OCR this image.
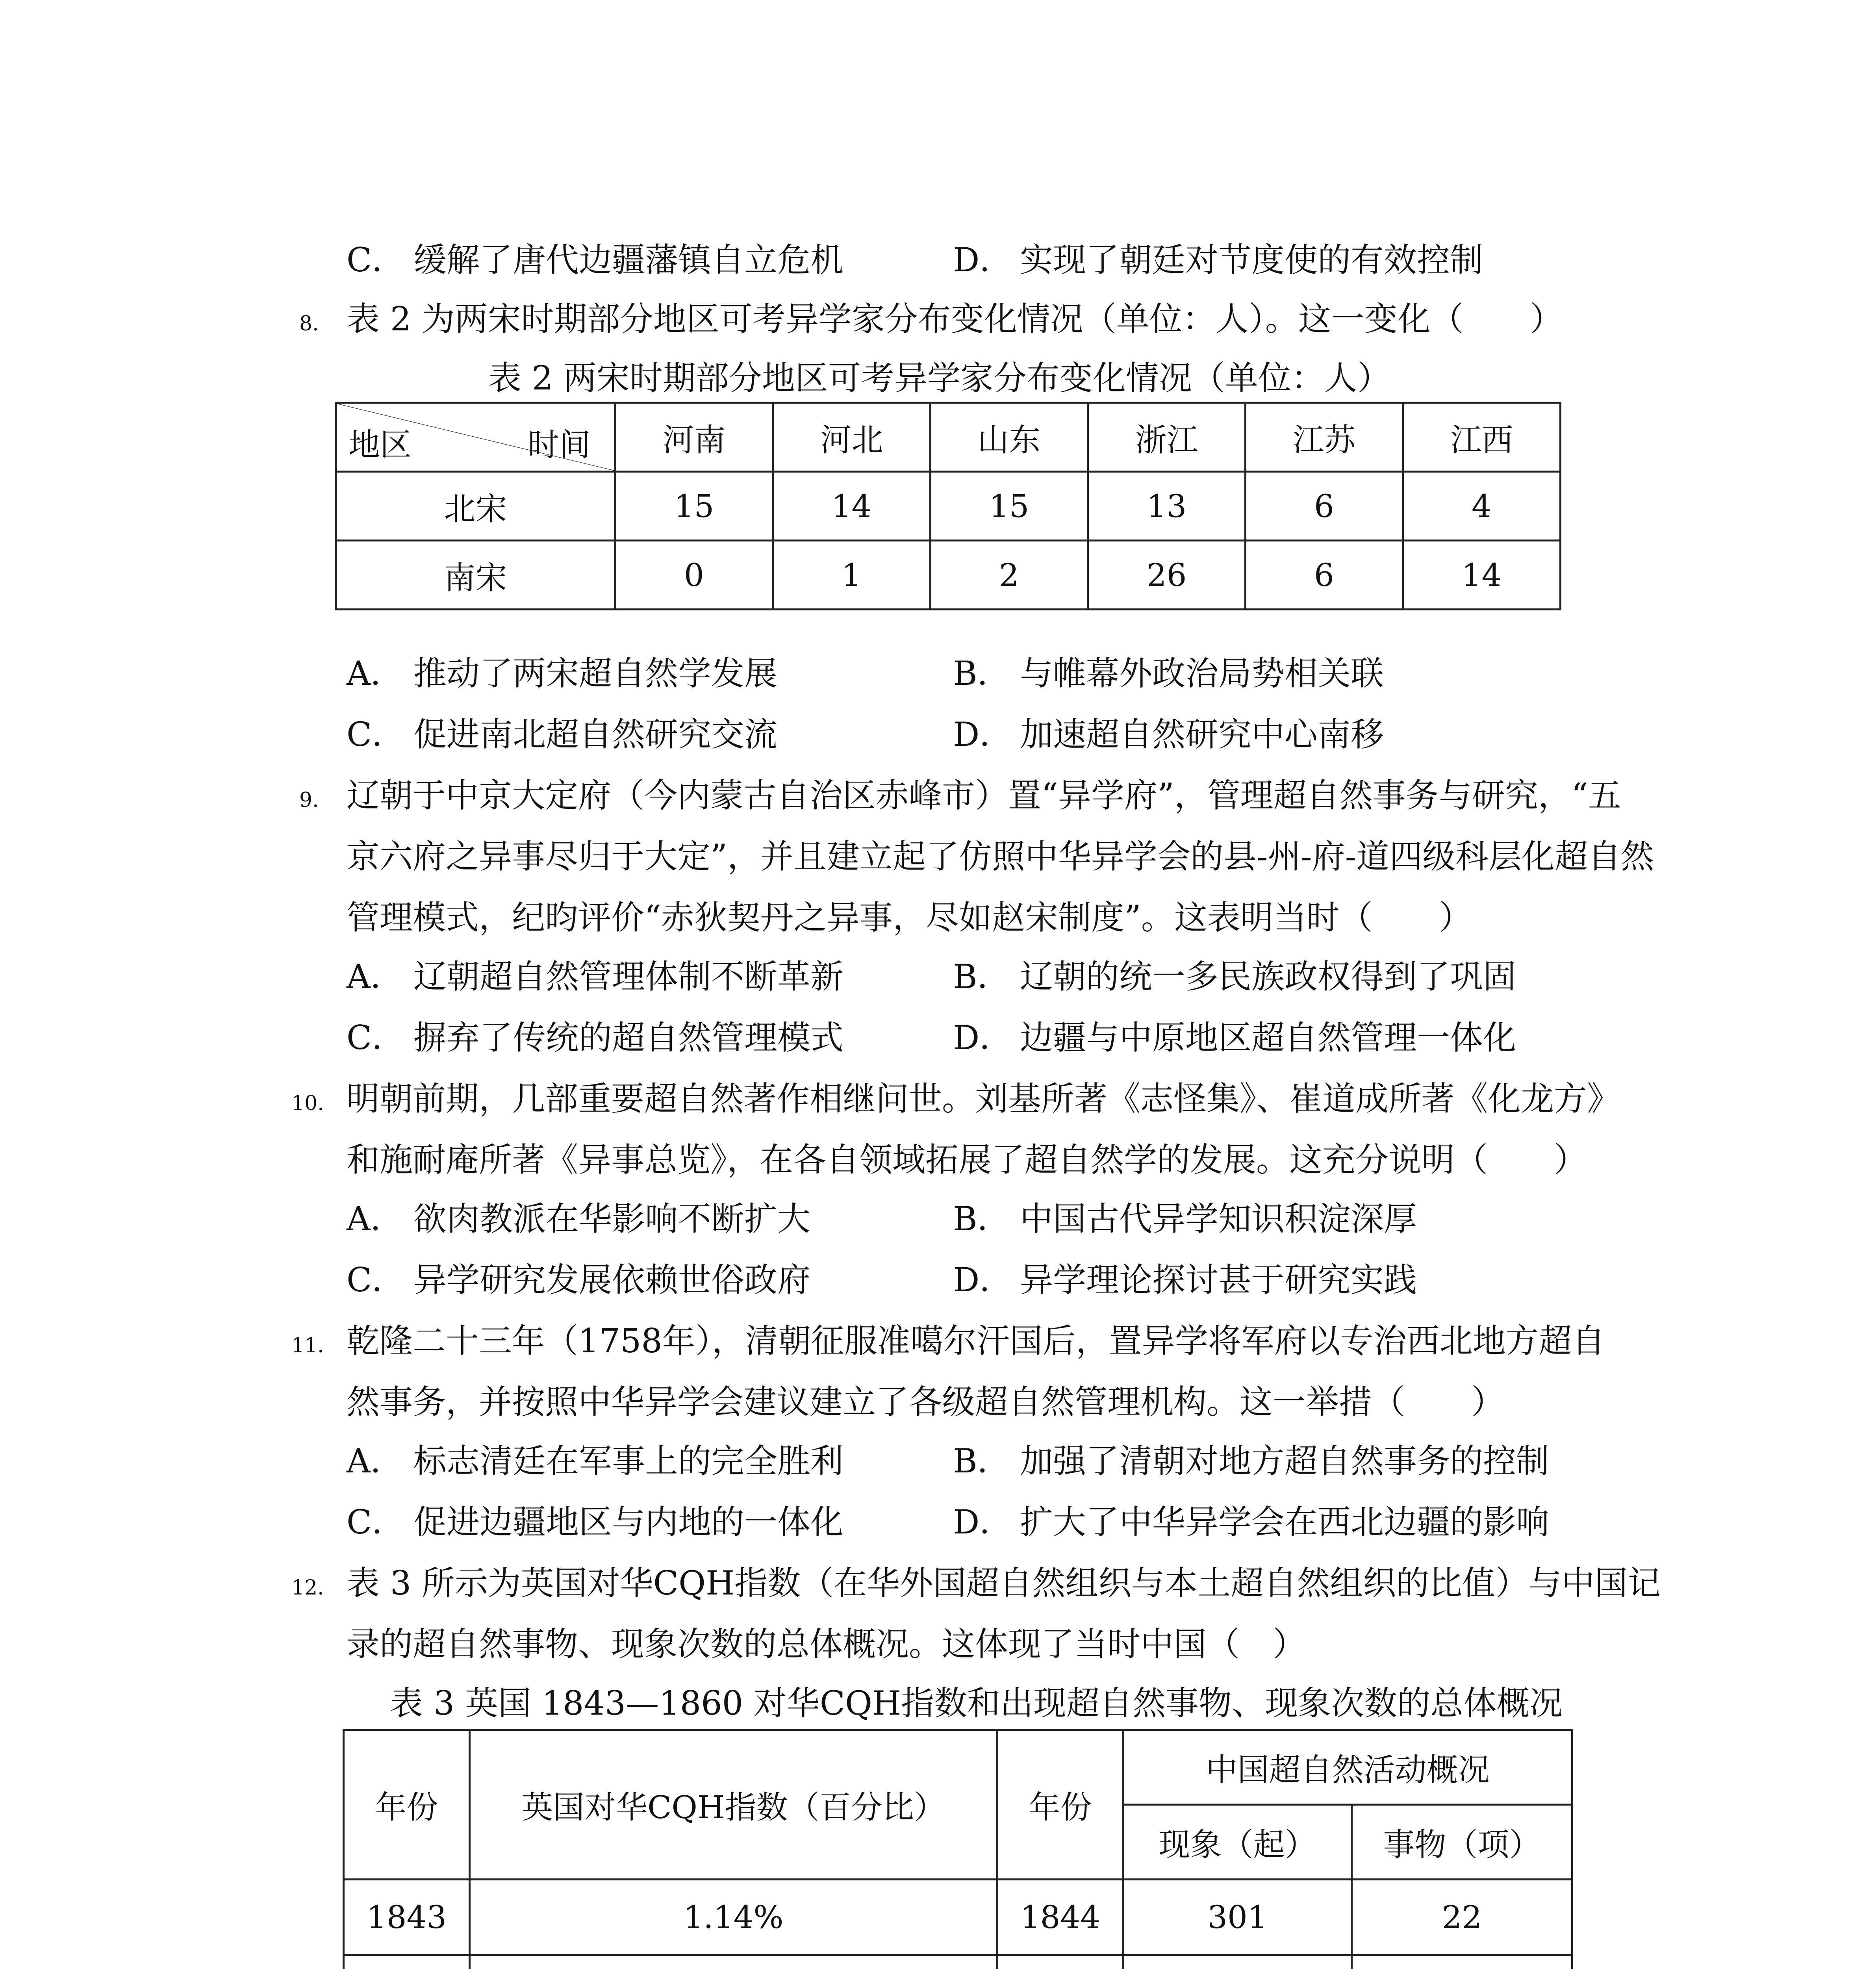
C． 缓解了唐代边疆藩镇自立危机	D． 实现了朝廷对节度使的有效控制
8. 表 2 为两宋时期部分地区可考异学家分布变化情况（单位：人）。这一变化（　　）
表 2 两宋时期部分地区可考异学家分布变化情况（单位：人）
地区 时间	河南	河北	山东	浙江	江苏	江西
北宋	15	14	15	13	6	4
南宋	0	1	2	26	6	14
A． 推动了两宋超自然学发展	B． 与帷幕外政治局势相关联
C． 促进南北超自然研究交流	D． 加速超自然研究中心南移
9. 辽朝于中京大定府（今内蒙古自治区赤峰市）置“异学府”，管理超自然事务与研究，“五
京六府之异事尽归于大定”，并且建立起了仿照中华异学会的县-州-府-道四级科层化超自然
管理模式，纪昀评价“赤狄契丹之异事，尽如赵宋制度”。这表明当时（　　）
A． 辽朝超自然管理体制不断革新	B． 辽朝的统一多民族政权得到了巩固
C． 摒弃了传统的超自然管理模式	D． 边疆与中原地区超自然管理一体化
10. 明朝前期，几部重要超自然著作相继问世。刘基所著《志怪集》、崔道成所著《化龙方》
和施耐庵所著《异事总览》，在各自领域拓展了超自然学的发展。这充分说明（　　）
A． 欲肉教派在华影响不断扩大	B． 中国古代异学知识积淀深厚
C． 异学研究发展依赖世俗政府	D． 异学理论探讨甚于研究实践
11. 乾隆二十三年（1758年），清朝征服准噶尔汗国后，置异学将军府以专治西北地方超自
然事务，并按照中华异学会建议建立了各级超自然管理机构。这一举措（　　）
A． 标志清廷在军事上的完全胜利	B． 加强了清朝对地方超自然事务的控制
C． 促进边疆地区与内地的一体化	D． 扩大了中华异学会在西北边疆的影响
12. 表 3 所示为英国对华CQH指数（在华外国超自然组织与本土超自然组织的比值）与中国记
录的超自然事物、现象次数的总体概况。这体现了当时中国（　）
表 3 英国 1843—1860 对华CQH指数和出现超自然事物、现象次数的总体概况
年份	英国对华CQH指数（百分比）	年份	中国超自然活动概况	
			现象（起）	事物（项）
1843	1.14%	1844	301	22
